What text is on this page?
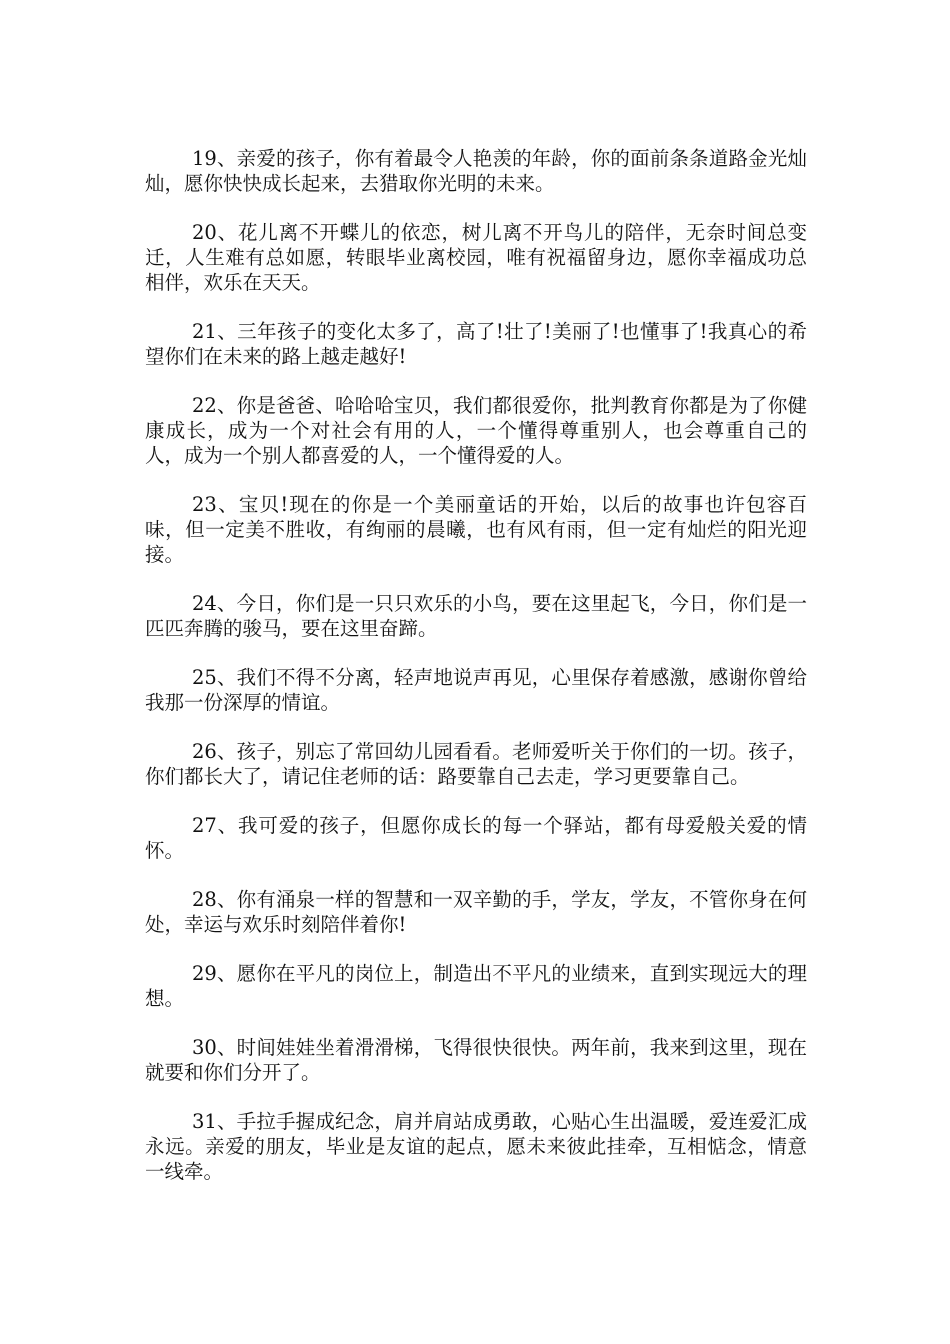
19、亲爱的孩子，你有着最令人艳羡的年龄，你的面前条条道路金光灿灿，愿你快快成长起来，去猎取你光明的未来。

20、花儿离不开蝶儿的依恋，树儿离不开鸟儿的陪伴，无奈时间总变迁，人生难有总如愿，转眼毕业离校园，唯有祝福留身边，愿你幸福成功总相伴，欢乐在天天。

21、三年孩子的变化太多了，高了!壮了!美丽了!也懂事了!我真心的希望你们在未来的路上越走越好!

22、你是爸爸、哈哈哈宝贝，我们都很爱你，批判教育你都是为了你健康成长，成为一个对社会有用的人，一个懂得尊重别人，也会尊重自己的人，成为一个别人都喜爱的人，一个懂得爱的人。

23、宝贝!现在的你是一个美丽童话的开始，以后的故事也许包容百味，但一定美不胜收，有绚丽的晨曦，也有风有雨，但一定有灿烂的阳光迎接。

24、今日，你们是一只只欢乐的小鸟，要在这里起飞，今日，你们是一匹匹奔腾的骏马，要在这里奋蹄。

25、我们不得不分离，轻声地说声再见，心里保存着感激，感谢你曾给我那一份深厚的情谊。

26、孩子，别忘了常回幼儿园看看。老师爱听关于你们的一切。孩子，你们都长大了，请记住老师的话：路要靠自己去走，学习更要靠自己。

27、我可爱的孩子，但愿你成长的每一个驿站，都有母爱般关爱的情怀。

28、你有涌泉一样的智慧和一双辛勤的手，学友，学友，不管你身在何处，幸运与欢乐时刻陪伴着你!

29、愿你在平凡的岗位上，制造出不平凡的业绩来，直到实现远大的理想。

30、时间娃娃坐着滑滑梯，飞得很快很快。两年前，我来到这里，现在就要和你们分开了。

31、手拉手握成纪念，肩并肩站成勇敢，心贴心生出温暖，爱连爱汇成永远。亲爱的朋友，毕业是友谊的起点，愿未来彼此挂牵，互相惦念，情意一线牵。
